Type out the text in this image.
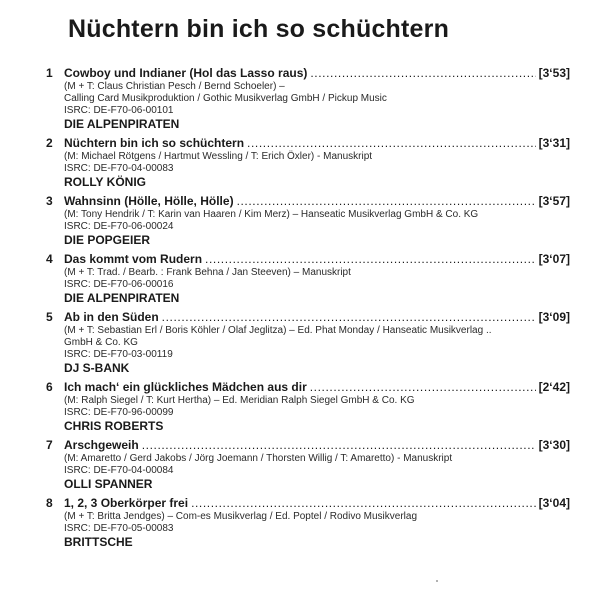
Nüchtern bin ich so schüchtern
1 Cowboy und Indianer (Hol das Lasso raus) .....	[3‘53]
(M + T: Claus Christian Pesch / Bernd Schoeler) –
Calling Card Musikproduktion / Gothic Musikverlag GmbH / Pickup Music
ISRC: DE-F70-06-00101
DIE ALPENPIRATEN
2 Nüchtern bin ich so schüchtern .....	[3‘31]
(M: Michael Rötgens / Hartmut Wessling / T: Erich Öxler) - Manuskript
ISRC: DE-F70-04-00083
ROLLY KÖNIG
3 Wahnsinn (Hölle, Hölle, Hölle) .....	[3‘57]
(M: Tony Hendrik / T: Karin van Haaren / Kim Merz) – Hanseatic Musikverlag GmbH & Co. KG
ISRC: DE-F70-06-00024
DIE POPGEIER
4 Das kommt vom Rudern .....	[3‘07]
(M + T: Trad. / Bearb. : Frank Behna / Jan Steeven) – Manuskript
ISRC: DE-F70-06-00016
DIE ALPENPIRATEN
5 Ab in den Süden .....	[3‘09]
(M + T: Sebastian Erl / Boris Köhler / Olaf Jeglitza) – Ed. Phat Monday / Hanseatic Musikverlag ..
GmbH & Co. KG
ISRC: DE-F70-03-00119
DJ S-BANK
6 Ich mach‘ ein glückliches Mädchen aus dir .....	[2‘42]
(M: Ralph Siegel / T: Kurt Hertha) – Ed. Meridian Ralph Siegel GmbH & Co. KG
ISRC: DE-F70-96-00099
CHRIS ROBERTS
7 Arschgeweih .....	[3‘30]
(M: Amaretto / Gerd Jakobs / Jörg Joemann / Thorsten Willig / T: Amaretto) - Manuskript
ISRC: DE-F70-04-00084
OLLI SPANNER
8 1, 2, 3 Oberkörper frei .....	[3‘04]
(M + T: Britta Jendges) – Com-es Musikverlag / Ed. Poptel / Rodivo Musikverlag
ISRC: DE-F70-05-00083
BRITTSCHE
